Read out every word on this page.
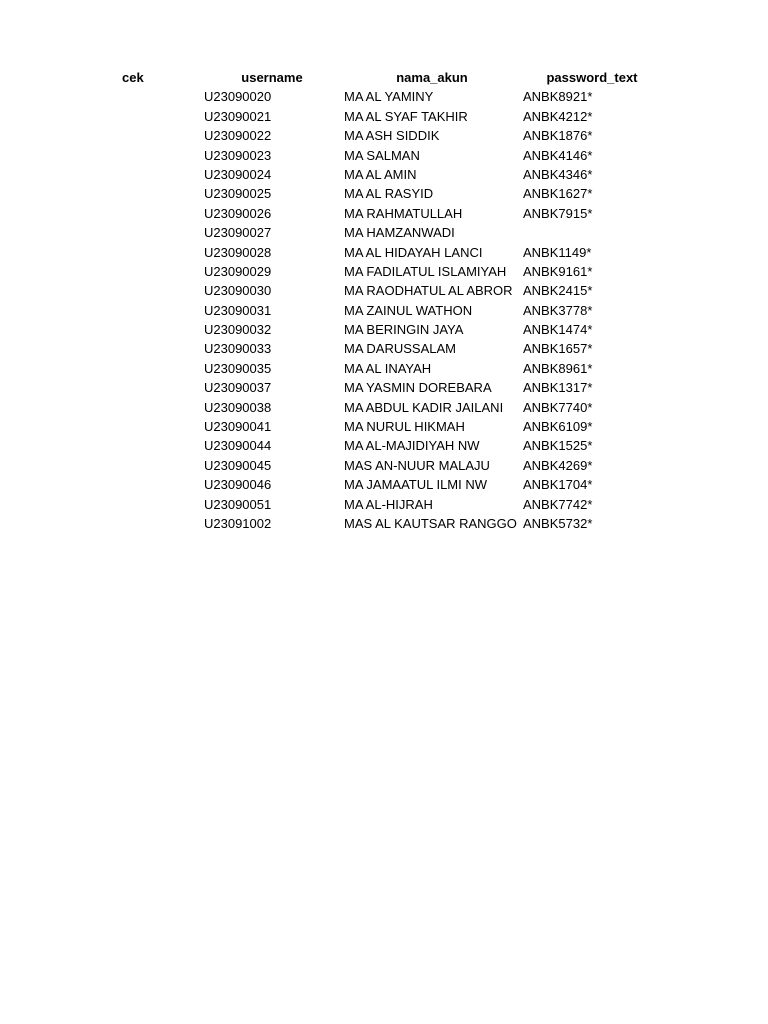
cek	username	nama_akun	password_text
U23090020	MA AL YAMINY	ANBK8921*
U23090021	MA AL SYAF TAKHIR	ANBK4212*
U23090022	MA ASH SIDDIK	ANBK1876*
U23090023	MA SALMAN	ANBK4146*
U23090024	MA AL AMIN	ANBK4346*
U23090025	MA AL RASYID	ANBK1627*
U23090026	MA RAHMATULLAH	ANBK7915*
U23090027	MA HAMZANWADI
U23090028	MA AL HIDAYAH LANCI	ANBK1149*
U23090029	MA FADILATUL ISLAMIYAH ANBK9161*
U23090030	MA RAODHATUL AL ABROR ANBK2415*
U23090031	MA ZAINUL WATHON	ANBK3778*
U23090032	MA BERINGIN JAYA	ANBK1474*
U23090033	MA DARUSSALAM	ANBK1657*
U23090035	MA AL INAYAH	ANBK8961*
U23090037	MA YASMIN DOREBARA ANBK1317*
U23090038	MA ABDUL KADIR JAILANI ANBK7740*
U23090041	MA NURUL HIKMAH	ANBK6109*
U23090044	MA AL-MAJIDIYAH NW	ANBK1525*
U23090045	MAS AN-NUUR MALAJU	ANBK4269*
U23090046	MA JAMAATUL ILMI NW	ANBK1704*
U23090051	MA AL-HIJRAH	ANBK7742*
U23091002	MAS AL KAUTSAR RANGGO ANBK5732*
